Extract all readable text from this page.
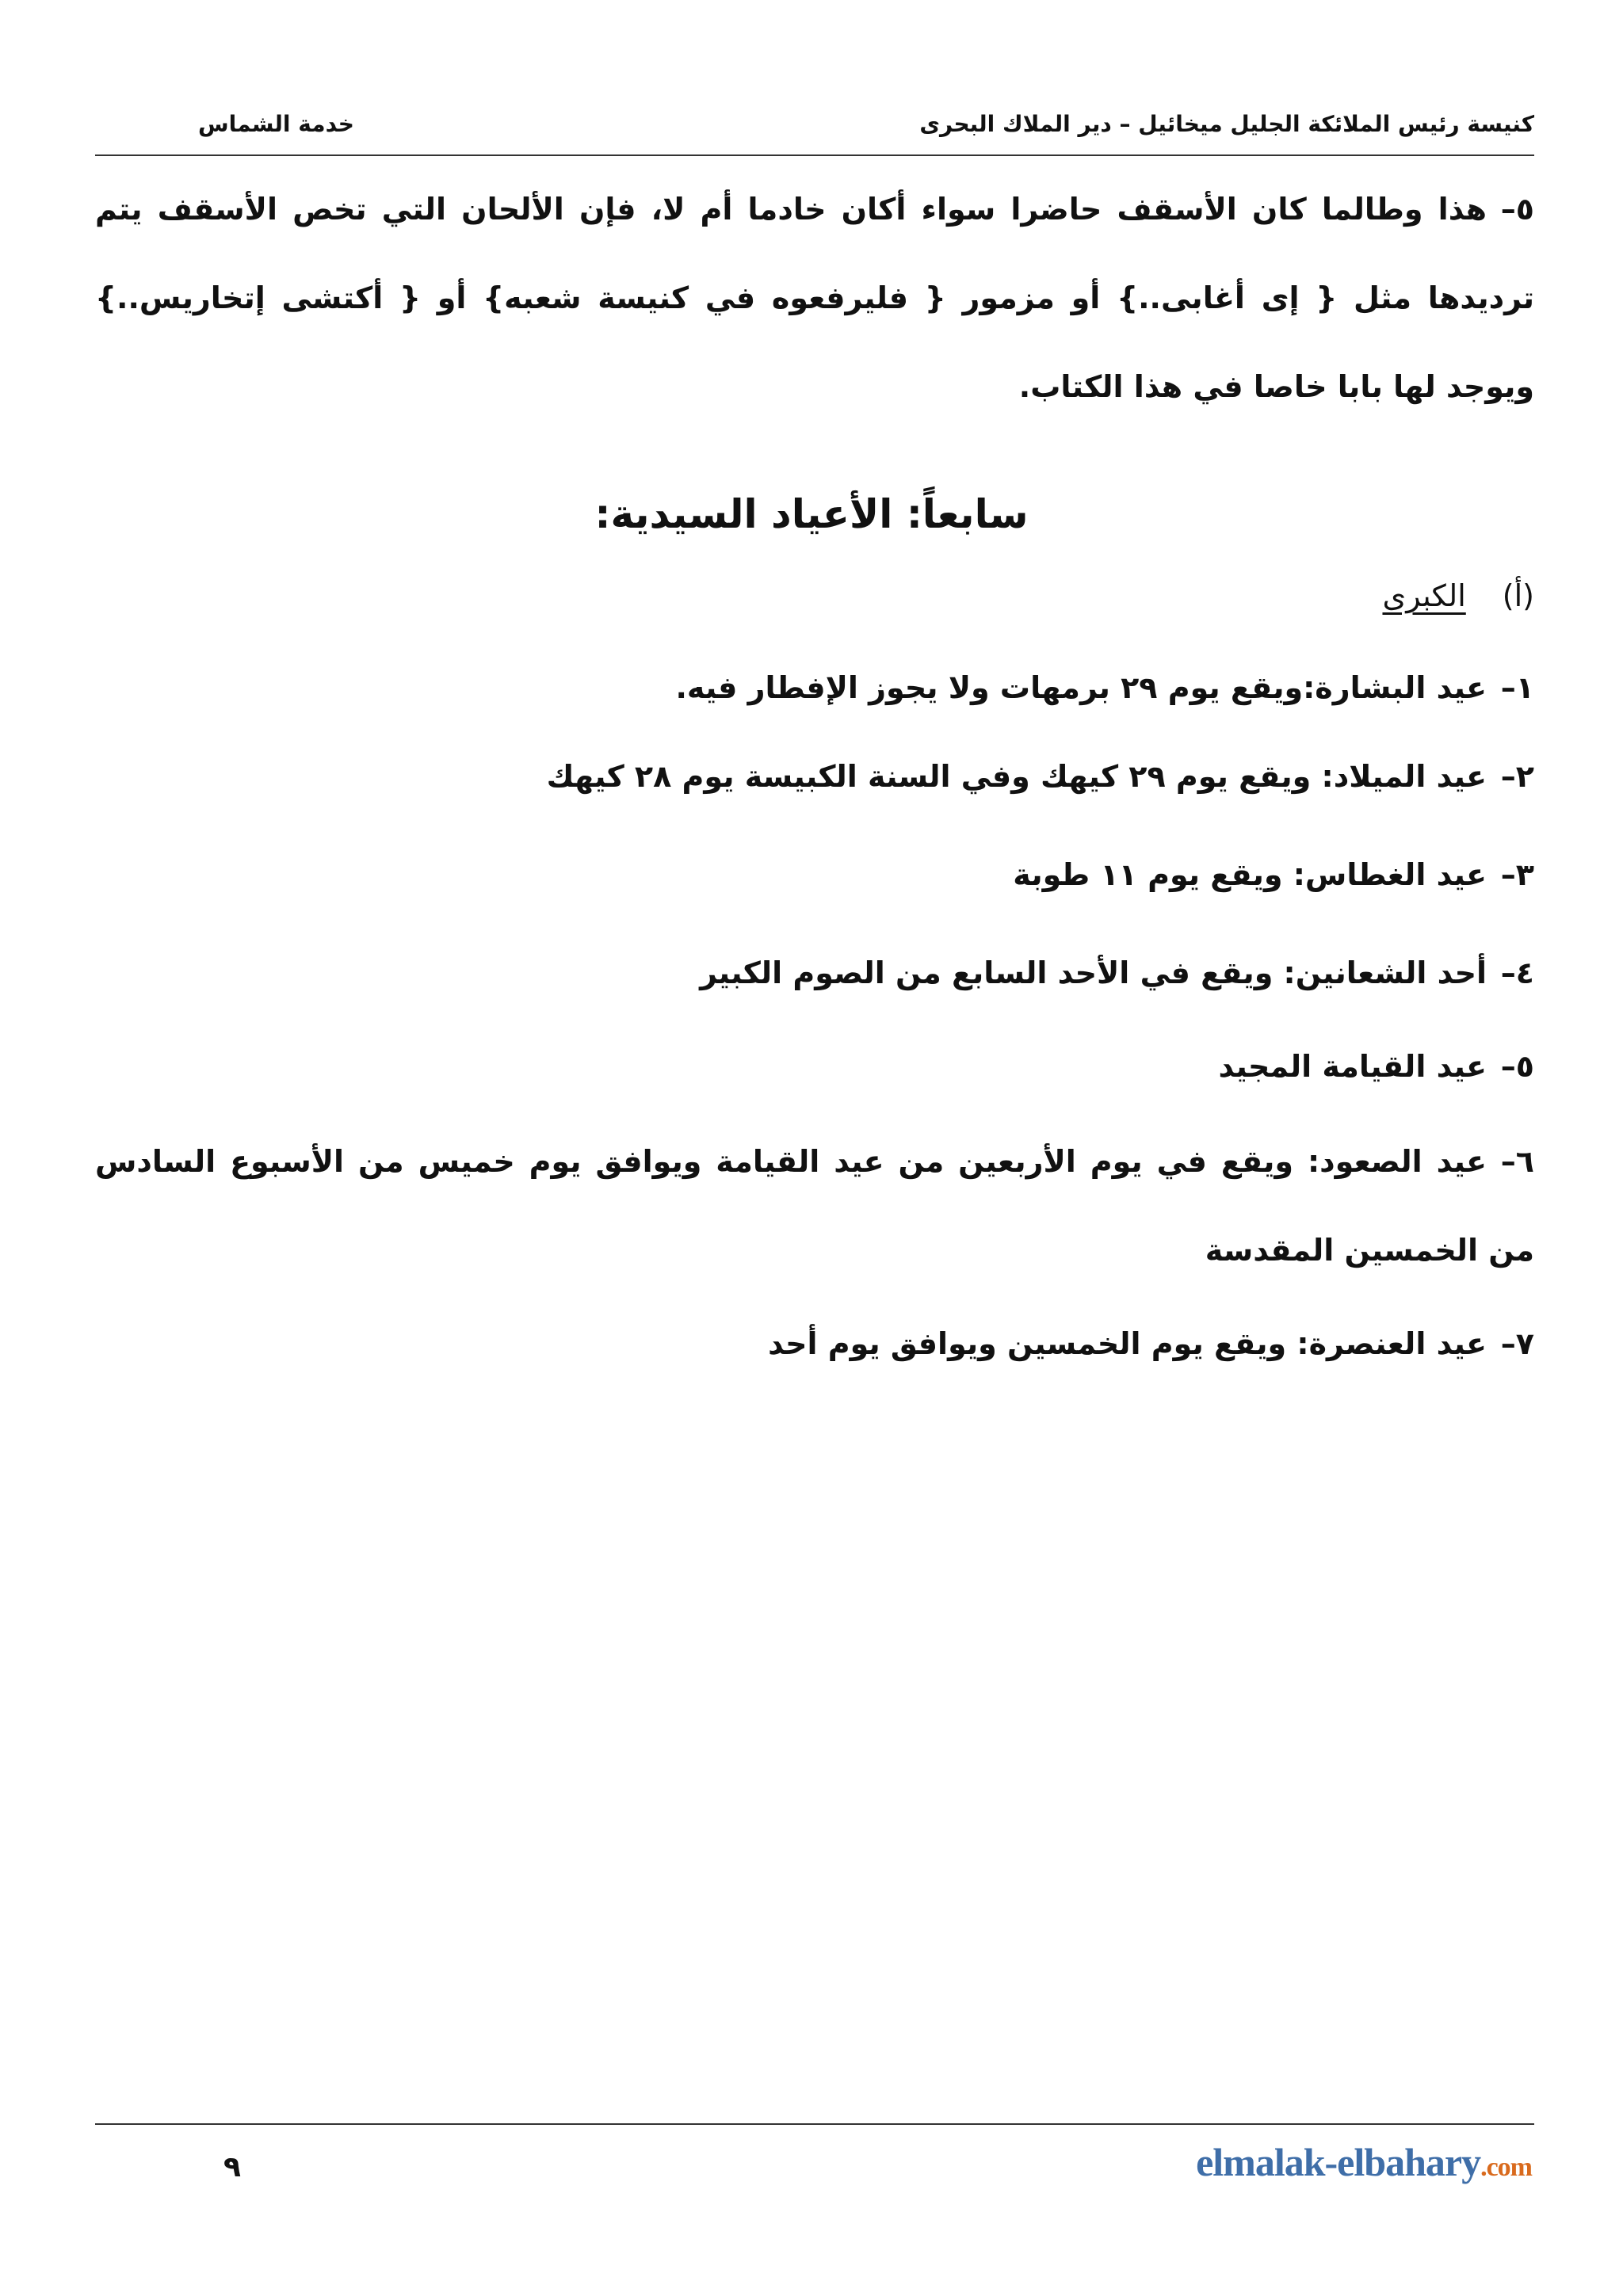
كنيسة رئيس الملائكة الجليل ميخائيل – دير الملاك البحرى
خدمة الشماس
٥–هذا وطالما كان الأسقف حاضرا سواء أكان خادما أم لا، فإن الألحان التي تخص الأسقف يتم ترديدها مثل { إى أغابى..} أو مزمور { فليرفعوه في كنيسة شعبه} أو { أكتشى إتخاريس..} ويوجد لها بابا خاصا في هذا الكتاب.
سابعاً: الأعياد السيدية:
(أ)الكبرى
١–عيد البشارة:ويقع يوم ٢٩ برمهات ولا يجوز الإفطار فيه.
٢–عيد الميلاد: ويقع يوم ٢٩ كيهك وفي السنة الكبيسة يوم ٢٨ كيهك
٣–عيد الغطاس: ويقع يوم ١١ طوبة
٤–أحد الشعانين: ويقع في الأحد السابع من الصوم الكبير
٥–عيد القيامة المجيد
٦–عيد الصعود: ويقع في يوم الأربعين من عيد القيامة ويوافق يوم خميس من الأسبوع السادس من الخمسين المقدسة
٧–عيد العنصرة: ويقع يوم الخمسين ويوافق يوم أحد
٩	elmalak-elbahary.com
